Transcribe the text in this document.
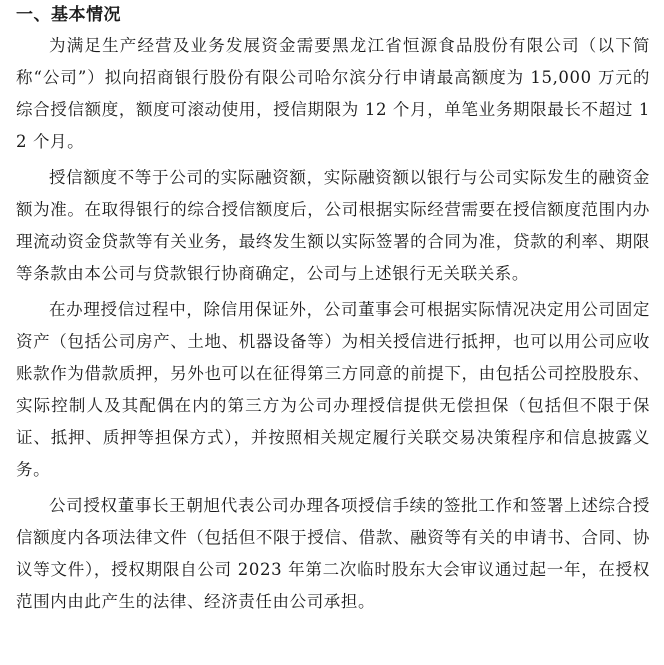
一、基本情况

为满足生产经营及业务发展资金需要黑龙江省恒源食品股份有限公司（以下简称“公司”）拟向招商银行股份有限公司哈尔滨分行申请最高额度为 15,000 万元的综合授信额度，额度可滚动使用，授信期限为 12 个月，单笔业务期限最长不超过 12 个月。

授信额度不等于公司的实际融资额，实际融资额以银行与公司实际发生的融资金额为准。在取得银行的综合授信额度后，公司根据实际经营需要在授信额度范围内办理流动资金贷款等有关业务，最终发生额以实际签署的合同为准，贷款的利率、期限等条款由本公司与贷款银行协商确定，公司与上述银行无关联关系。

在办理授信过程中，除信用保证外，公司董事会可根据实际情况决定用公司固定资产（包括公司房产、土地、机器设备等）为相关授信进行抵押，也可以用公司应收账款作为借款质押，另外也可以在征得第三方同意的前提下，由包括公司控股股东、实际控制人及其配偶在内的第三方为公司办理授信提供无偿担保（包括但不限于保证、抵押、质押等担保方式），并按照相关规定履行关联交易决策程序和信息披露义务。

公司授权董事长王朝旭代表公司办理各项授信手续的签批工作和签署上述综合授信额度内各项法律文件（包括但不限于授信、借款、融资等有关的申请书、合同、协议等文件），授权期限自公司 2023 年第二次临时股东大会审议通过起一年，在授权范围内由此产生的法律、经济责任由公司承担。
